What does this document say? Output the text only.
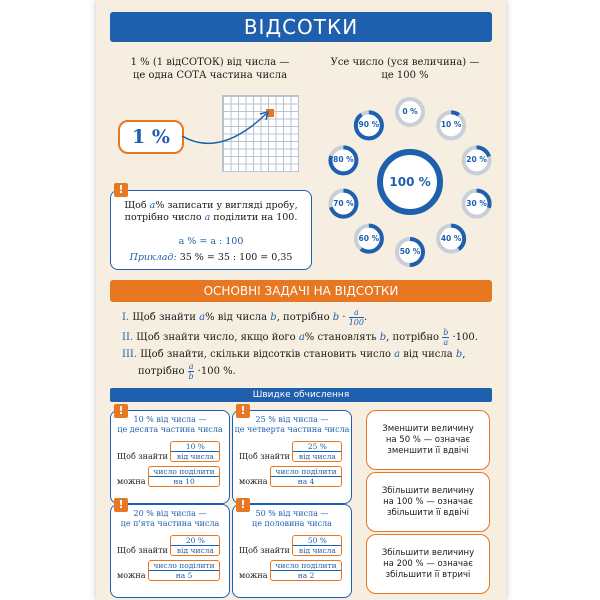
ВІДСОТКИ
1 % (1 відСОТОК) від числа —
це одна СОТА частина числа
1 %
!
Щоб a% записати у вигляді дробу,
потрібно число a поділити на 100.
a % = a : 100
Приклад: 35 % = 35 : 100 = 0,35
Усе число (уся величина) —
це 100 %
0 %
10 %
20 %
30 %
40 %
50 %
60 %
70 %
80 %
90 %
100 %
ОСНОВНІ ЗАДАЧІ НА ВІДСОТКИ
I. Щоб знайти a% від числа b, потрібно $b \cdot \frac{a}{100}$ .
II. Щоб знайти число, якщо його a% становлять b, потрібно $\frac{b}{a} \cdot 100$.
III. Щоб знайти, скільки відсотків становить число a від числа b,
потрібно $\frac{a}{b} \cdot 100$ %.
Швидке обчислення
10 % від числа —
це десята частина числа
Щоб знайти
10 %
від числа
можна
число поділити
на 10
!
25 % від числа —
це четверта частина числа
Щоб знайти
25 %
від числа
можна
число поділити
на 4
!
20 % від числа —
це п'ята частина числа
Щоб знайти
20 %
від числа
можна
число поділити
на 5
!
50 % від числа —
це половина числа
Щоб знайти
50 %
від числа
можна
число поділити
на 2
!
Зменшити величину
на 50 % — означає
зменшити її вдвічі
Збільшити величину
на 100 % — означає
збільшити її вдвічі
Збільшити величину
на 200 % — означає
збільшити її втричі
